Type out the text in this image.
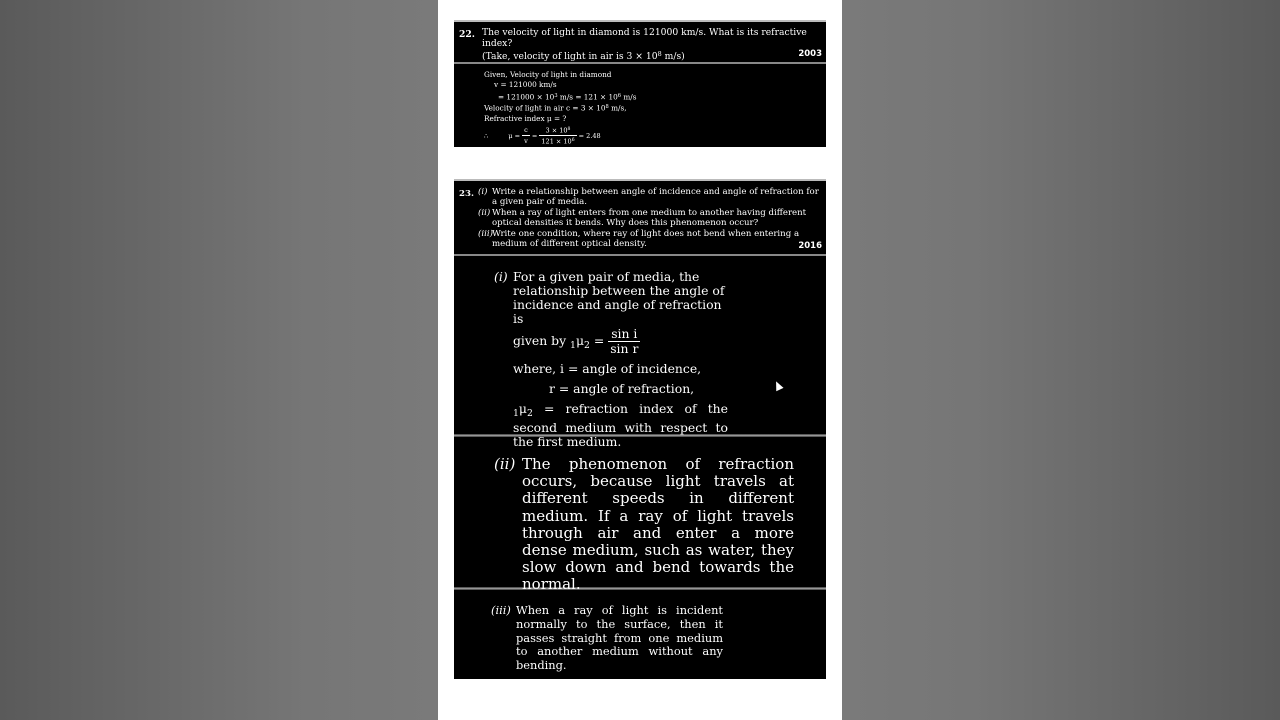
22. The velocity of light in diamond is 121000 km/s. What is its refractive index?
(Take, velocity of light in air is $3 \times 10^8$ m/s)	2003
Given, Velocity of light in diamond
v = 121000 km/s
= $121000 \times 10^3$ $m/s = 121 \times 10^6$ m/s
Velocity of light in air $c = 3 \times 10^8$ m/s,
Refractive index μ = ?
∴	$\mu = \frac{c}{v} = \frac{3 \times 10^8}{121 \times 10^6} = 2.48$
23. (i) Write a relationship between angle of incidence and angle of refraction for a given pair of media.
(ii) When a ray of light enters from one medium to another having different optical densities it bends. Why does this phenomenon occur?
(iii) Write one condition, where ray of light does not bend when entering a medium of different optical density.	2016
(i) For a given pair of media, the
relationship between the angle of
incidence and angle of refraction is
given by $_1\mu_2 = \frac{\text{sin i}}{\text{sin r}}$
where, i = angle of incidence,
r = angle of refraction,
$_1\mu_2$ = refraction index of the second medium with respect to the first medium.
(ii) The phenomenon of refraction occurs, because light travels at different speeds in different medium. If a ray of light travels through air and enter a more dense medium, such as water, they slow down and bend towards the normal.
(iii) When a ray of light is incident normally to the surface, then it passes straight from one medium to another medium without any bending.
